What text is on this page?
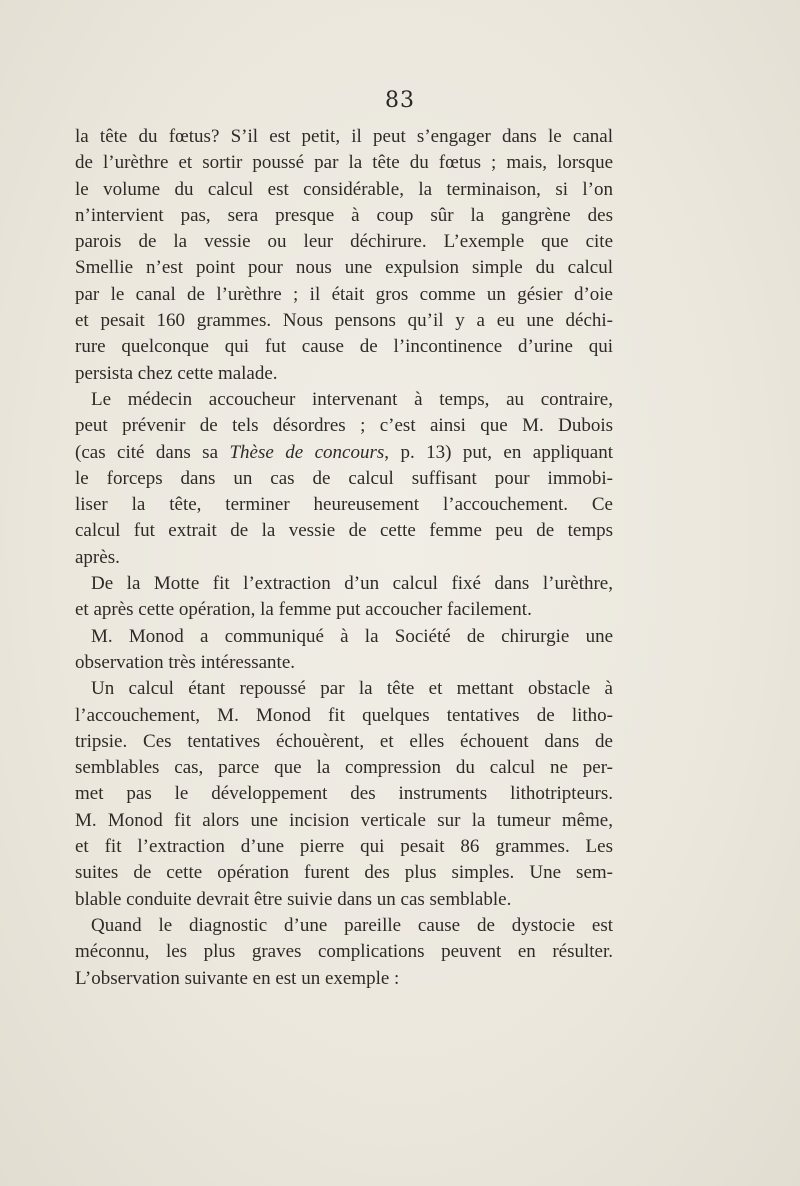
83
la tête du fœtus? S’il est petit, il peut s’engager dans le canal
de l’urèthre et sortir poussé par la tête du fœtus ; mais, lorsque
le volume du calcul est considérable, la terminaison, si l’on
n’intervient pas, sera presque à coup sûr la gangrène des
parois de la vessie ou leur déchirure. L’exemple que cite
Smellie n’est point pour nous une expulsion simple du calcul
par le canal de l’urèthre ; il était gros comme un gésier d’oie
et pesait 160 grammes. Nous pensons qu’il y a eu une déchi-
rure quelconque qui fut cause de l’incontinence d’urine qui
persista chez cette malade.
Le médecin accoucheur intervenant à temps, au contraire,
peut prévenir de tels désordres ; c’est ainsi que M. Dubois
(cas cité dans sa Thèse de concours, p. 13) put, en appliquant
le forceps dans un cas de calcul suffisant pour immobi-
liser la tête, terminer heureusement l’accouchement. Ce
calcul fut extrait de la vessie de cette femme peu de temps
après.
De la Motte fit l’extraction d’un calcul fixé dans l’urèthre,
et après cette opération, la femme put accoucher facilement.
M. Monod a communiqué à la Société de chirurgie une
observation très intéressante.
Un calcul étant repoussé par la tête et mettant obstacle à
l’accouchement, M. Monod fit quelques tentatives de litho-
tripsie. Ces tentatives échouèrent, et elles échouent dans de
semblables cas, parce que la compression du calcul ne per-
met pas le développement des instruments lithotripteurs.
M. Monod fit alors une incision verticale sur la tumeur même,
et fit l’extraction d’une pierre qui pesait 86 grammes. Les
suites de cette opération furent des plus simples. Une sem-
blable conduite devrait être suivie dans un cas semblable.
Quand le diagnostic d’une pareille cause de dystocie est
méconnu, les plus graves complications peuvent en résulter.
L’observation suivante en est un exemple :
